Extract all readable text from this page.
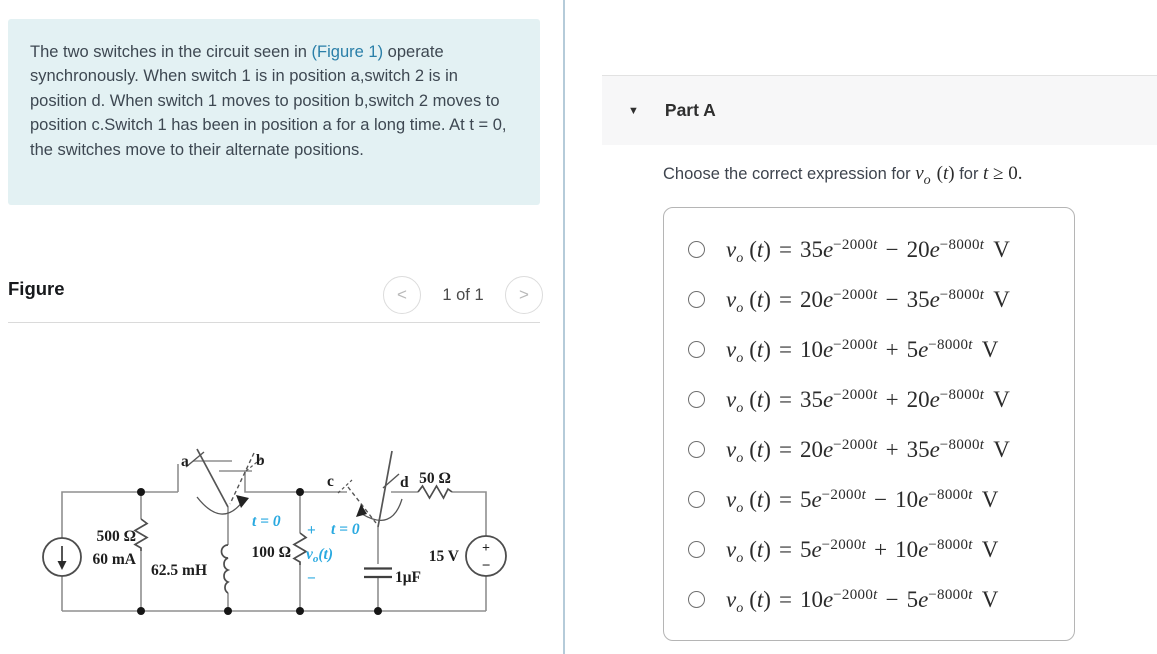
The two switches in the circuit seen in (Figure 1) operate synchronously. When switch 1 is in position a,switch 2 is in position d. When switch 1 moves to position b,switch 2 moves to position c.Switch 1 has been in position a for a long time. At t = 0, the switches move to their alternate positions.
Figure	<	1 of 1	>
+
−
a	b
c	d
500 Ω
60 mA
62.5 mH
100 Ω
50 Ω
15 V
1μF
t = 0	t = 0
+
−
vo(t)
▼ Part A
Choose the correct expression for $v_o$ (t) for t ≥ 0.
$v_o$ $(t) = 35e^{-2000t} - 20e^{-8000t}$ V
$v_o$ $(t) = 20e^{-2000t} - 35e^{-8000t}$ V
$v_o$ $(t) = 10e^{-2000t} + 5e^{-8000t}$ V
$v_o$ $(t) = 35e^{-2000t} + 20e^{-8000t}$ V
$v_o$ $(t) = 20e^{-2000t} + 35e^{-8000t}$ V
$v_o$ $(t) = 5e^{-2000t} - 10e^{-8000t}$ V
$v_o$ $(t) = 5e^{-2000t} + 10e^{-8000t}$ V
$v_o$ $(t) = 10e^{-2000t} - 5e^{-8000t}$ V
